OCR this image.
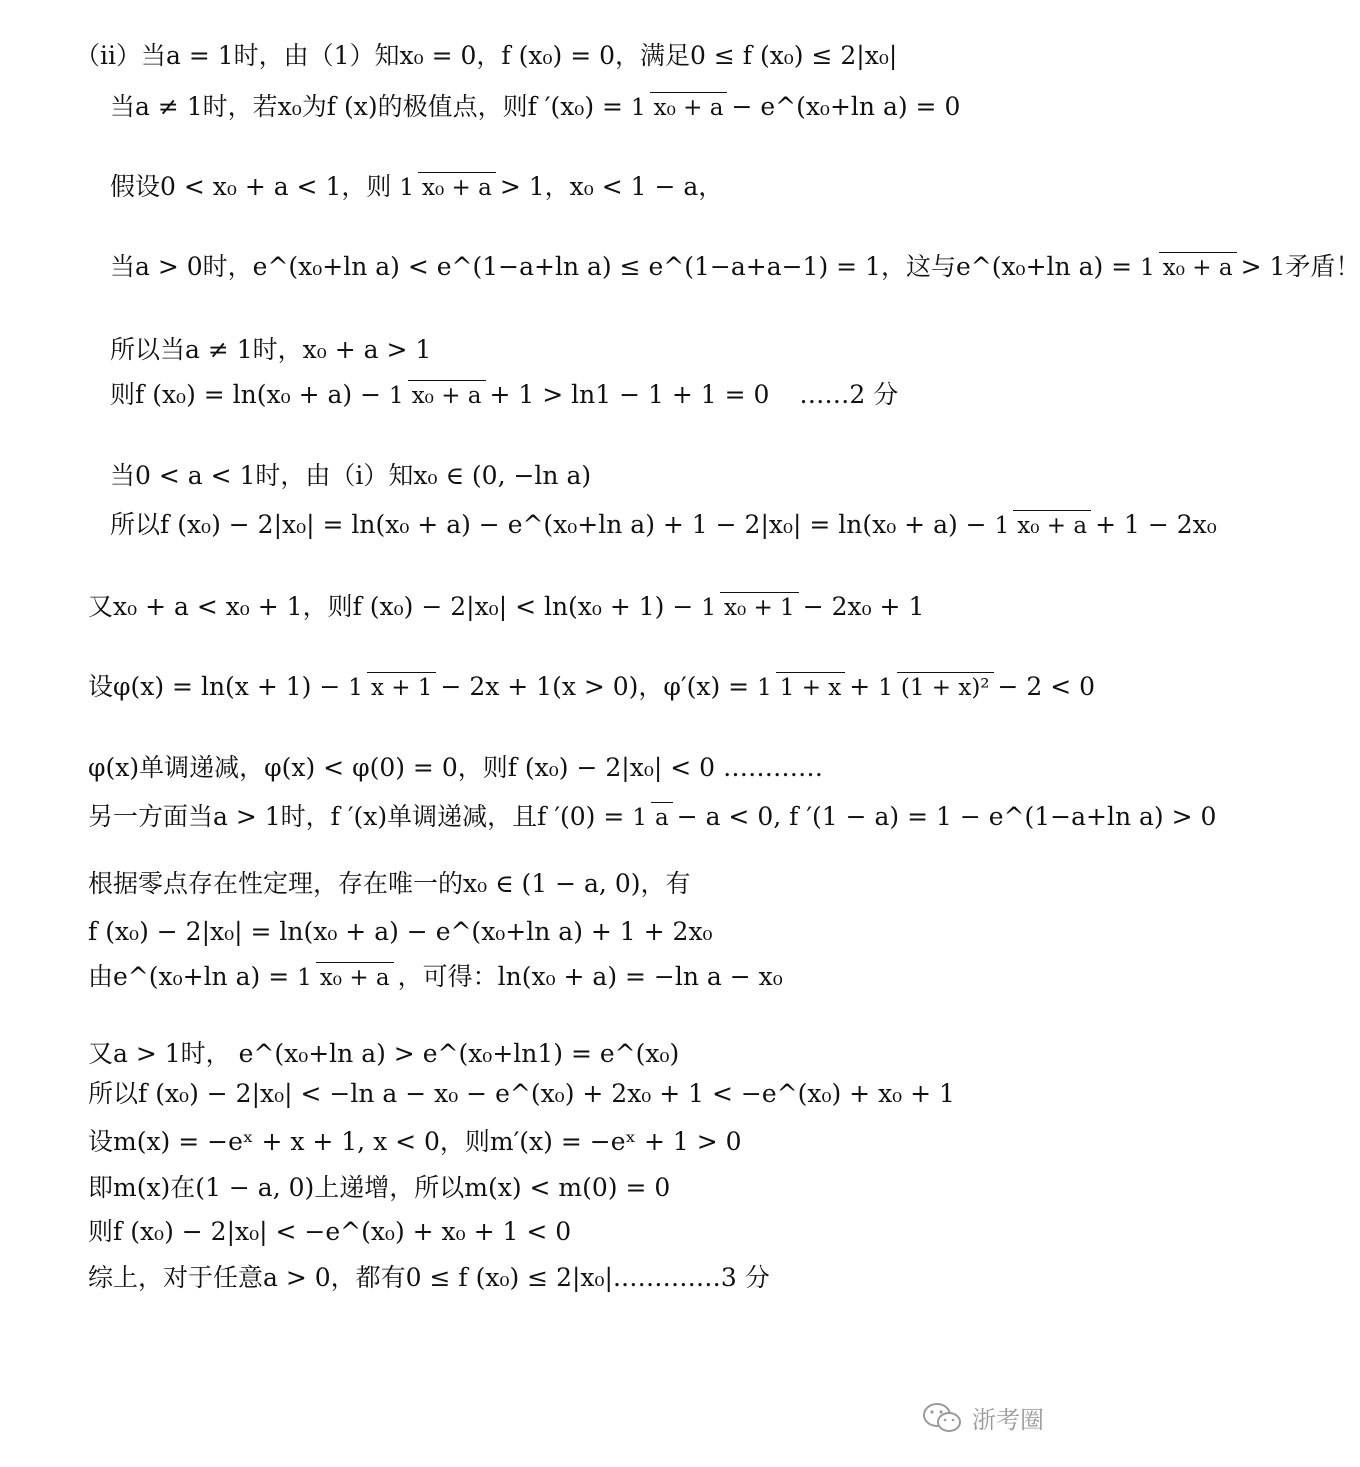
（ii）当a = 1时，由（1）知x₀ = 0，f (x₀) = 0，满足0 ≤ f (x₀) ≤ 2|x₀|
当a ≠ 1时，若x₀为f (x)的极值点，则f ′(x₀) = 1 x₀ + a − e^(x₀+ln a) = 0
假设0 < x₀ + a < 1，则 1 x₀ + a > 1，x₀ < 1 − a，
当a > 0时，e^(x₀+ln a) < e^(1−a+ln a) ≤ e^(1−a+a−1) = 1，这与e^(x₀+ln a) = 1 x₀ + a > 1矛盾！
所以当a ≠ 1时，x₀ + a > 1
则f (x₀) = ln(x₀ + a) − 1 x₀ + a + 1 > ln1 − 1 + 1 = 0 ……2 分
当0 < a < 1时，由（i）知x₀ ∈ (0, −ln a)
所以f (x₀) − 2|x₀| = ln(x₀ + a) − e^(x₀+ln a) + 1 − 2|x₀| = ln(x₀ + a) − 1 x₀ + a + 1 − 2x₀
又x₀ + a < x₀ + 1，则f (x₀) − 2|x₀| < ln(x₀ + 1) − 1 x₀ + 1 − 2x₀ + 1
设φ(x) = ln(x + 1) − 1 x + 1 − 2x + 1(x > 0)，φ′(x) = 1 1 + x + 1 (1 + x)² − 2 < 0
φ(x)单调递减，φ(x) < φ(0) = 0，则f (x₀) − 2|x₀| < 0 …………
另一方面当a > 1时，f ′(x)单调递减，且f ′(0) = 1 a − a < 0, f ′(1 − a) = 1 − e^(1−a+ln a) > 0
根据零点存在性定理，存在唯一的x₀ ∈ (1 − a, 0)，有
f (x₀) − 2|x₀| = ln(x₀ + a) − e^(x₀+ln a) + 1 + 2x₀
由e^(x₀+ln a) = 1 x₀ + a ，可得：ln(x₀ + a) = −ln a − x₀
又a > 1时， e^(x₀+ln a) > e^(x₀+ln1) = e^(x₀)
所以f (x₀) − 2|x₀| < −ln a − x₀ − e^(x₀) + 2x₀ + 1 < −e^(x₀) + x₀ + 1
设m(x) = −eˣ + x + 1, x < 0，则m′(x) = −eˣ + 1 > 0
即m(x)在(1 − a, 0)上递增，所以m(x) < m(0) = 0
则f (x₀) − 2|x₀| < −e^(x₀) + x₀ + 1 < 0
综上，对于任意a > 0，都有0 ≤ f (x₀) ≤ 2|x₀|.…………3 分
浙考圈
